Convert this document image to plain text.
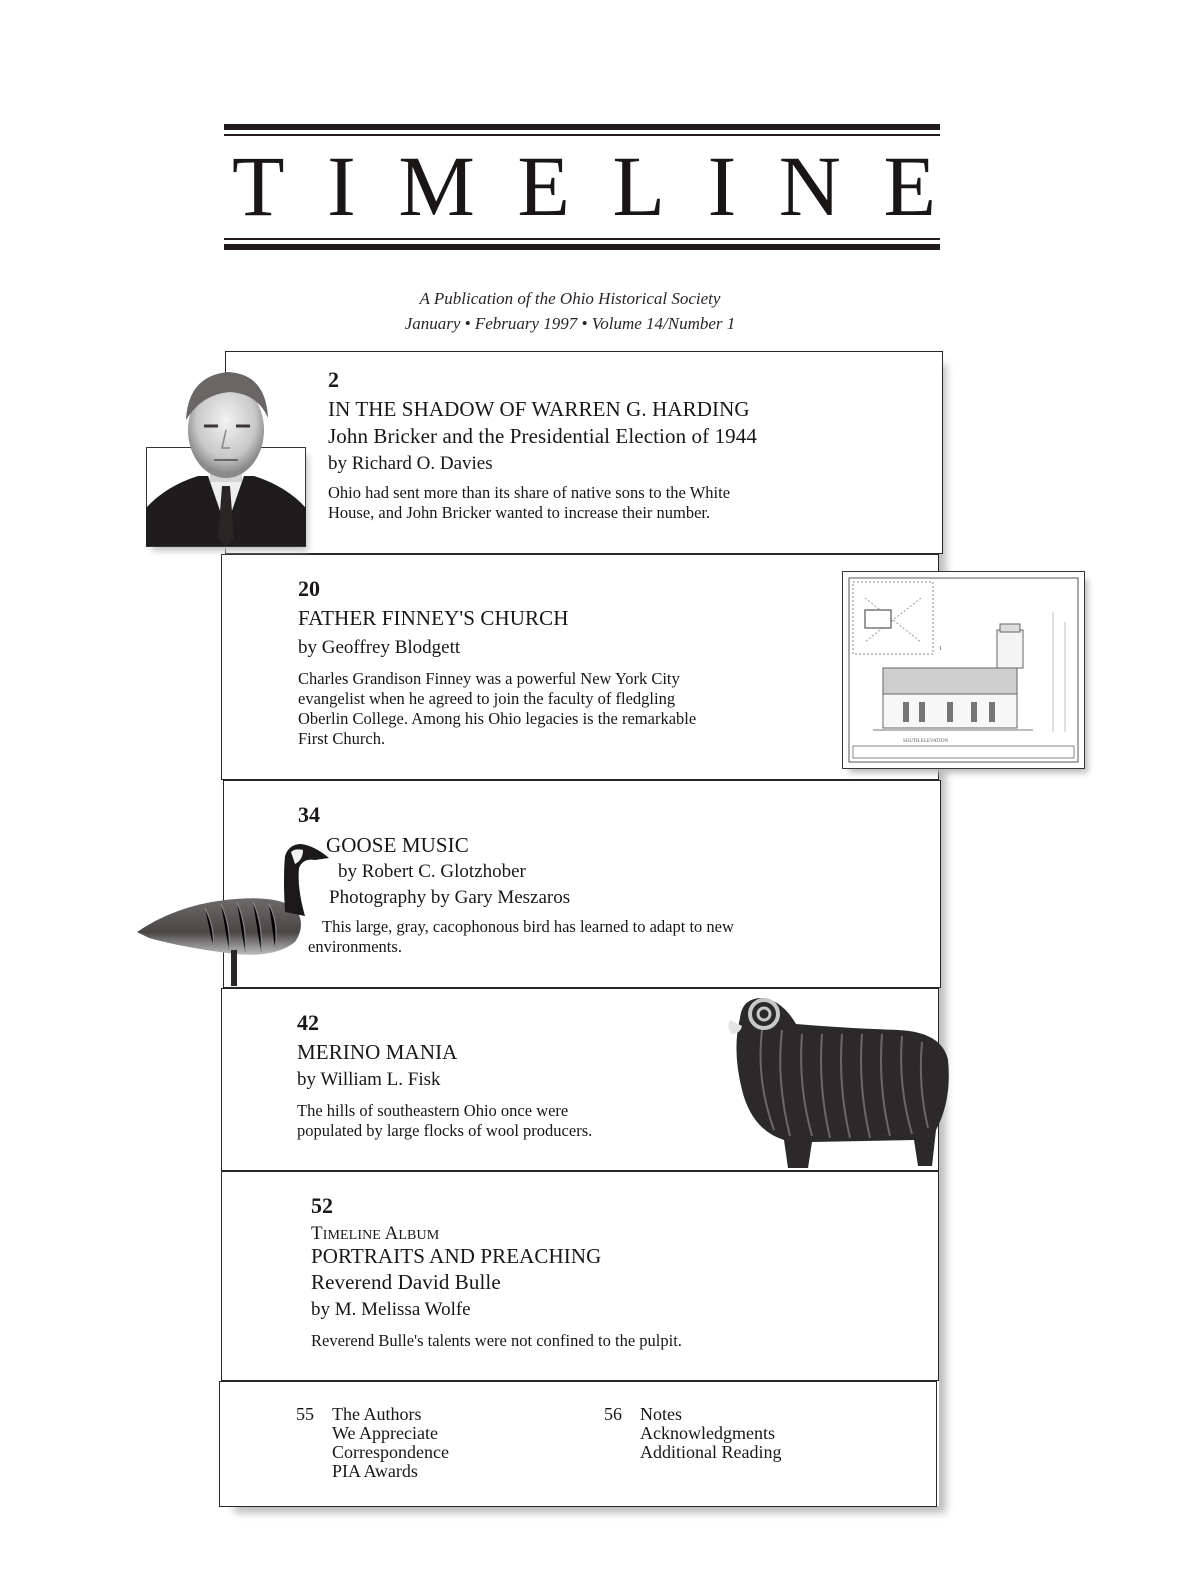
T I M E L I N E
A Publication of the Ohio Historical Society
January • February 1997 • Volume 14/Number 1
2
IN THE SHADOW OF WARREN G. HARDING
John Bricker and the Presidential Election of 1944
by Richard O. Davies
Ohio had sent more than its share of native sons to the White
House, and John Bricker wanted to increase their number.
20
FATHER FINNEY'S CHURCH
by Geoffrey Blodgett
Charles Grandison Finney was a powerful New York City
evangelist when he agreed to join the faculty of fledgling
Oberlin College. Among his Ohio legacies is the remarkable
First Church.
1
SOUTH ELEVATION
34
GOOSE MUSIC
by Robert C. Glotzhober
Photography by Gary Meszaros
This large, gray, cacophonous bird has learned to adapt to new
environments.
42
MERINO MANIA
by William L. Fisk
The hills of southeastern Ohio once were
populated by large flocks of wool producers.
52
TIMELINE ALBUM
PORTRAITS AND PREACHING
Reverend David Bulle
by M. Melissa Wolfe
Reverend Bulle's talents were not confined to the pulpit.
55 The Authors
We Appreciate
Correspondence
PIA Awards
56 Notes
Acknowledgments
Additional Reading
